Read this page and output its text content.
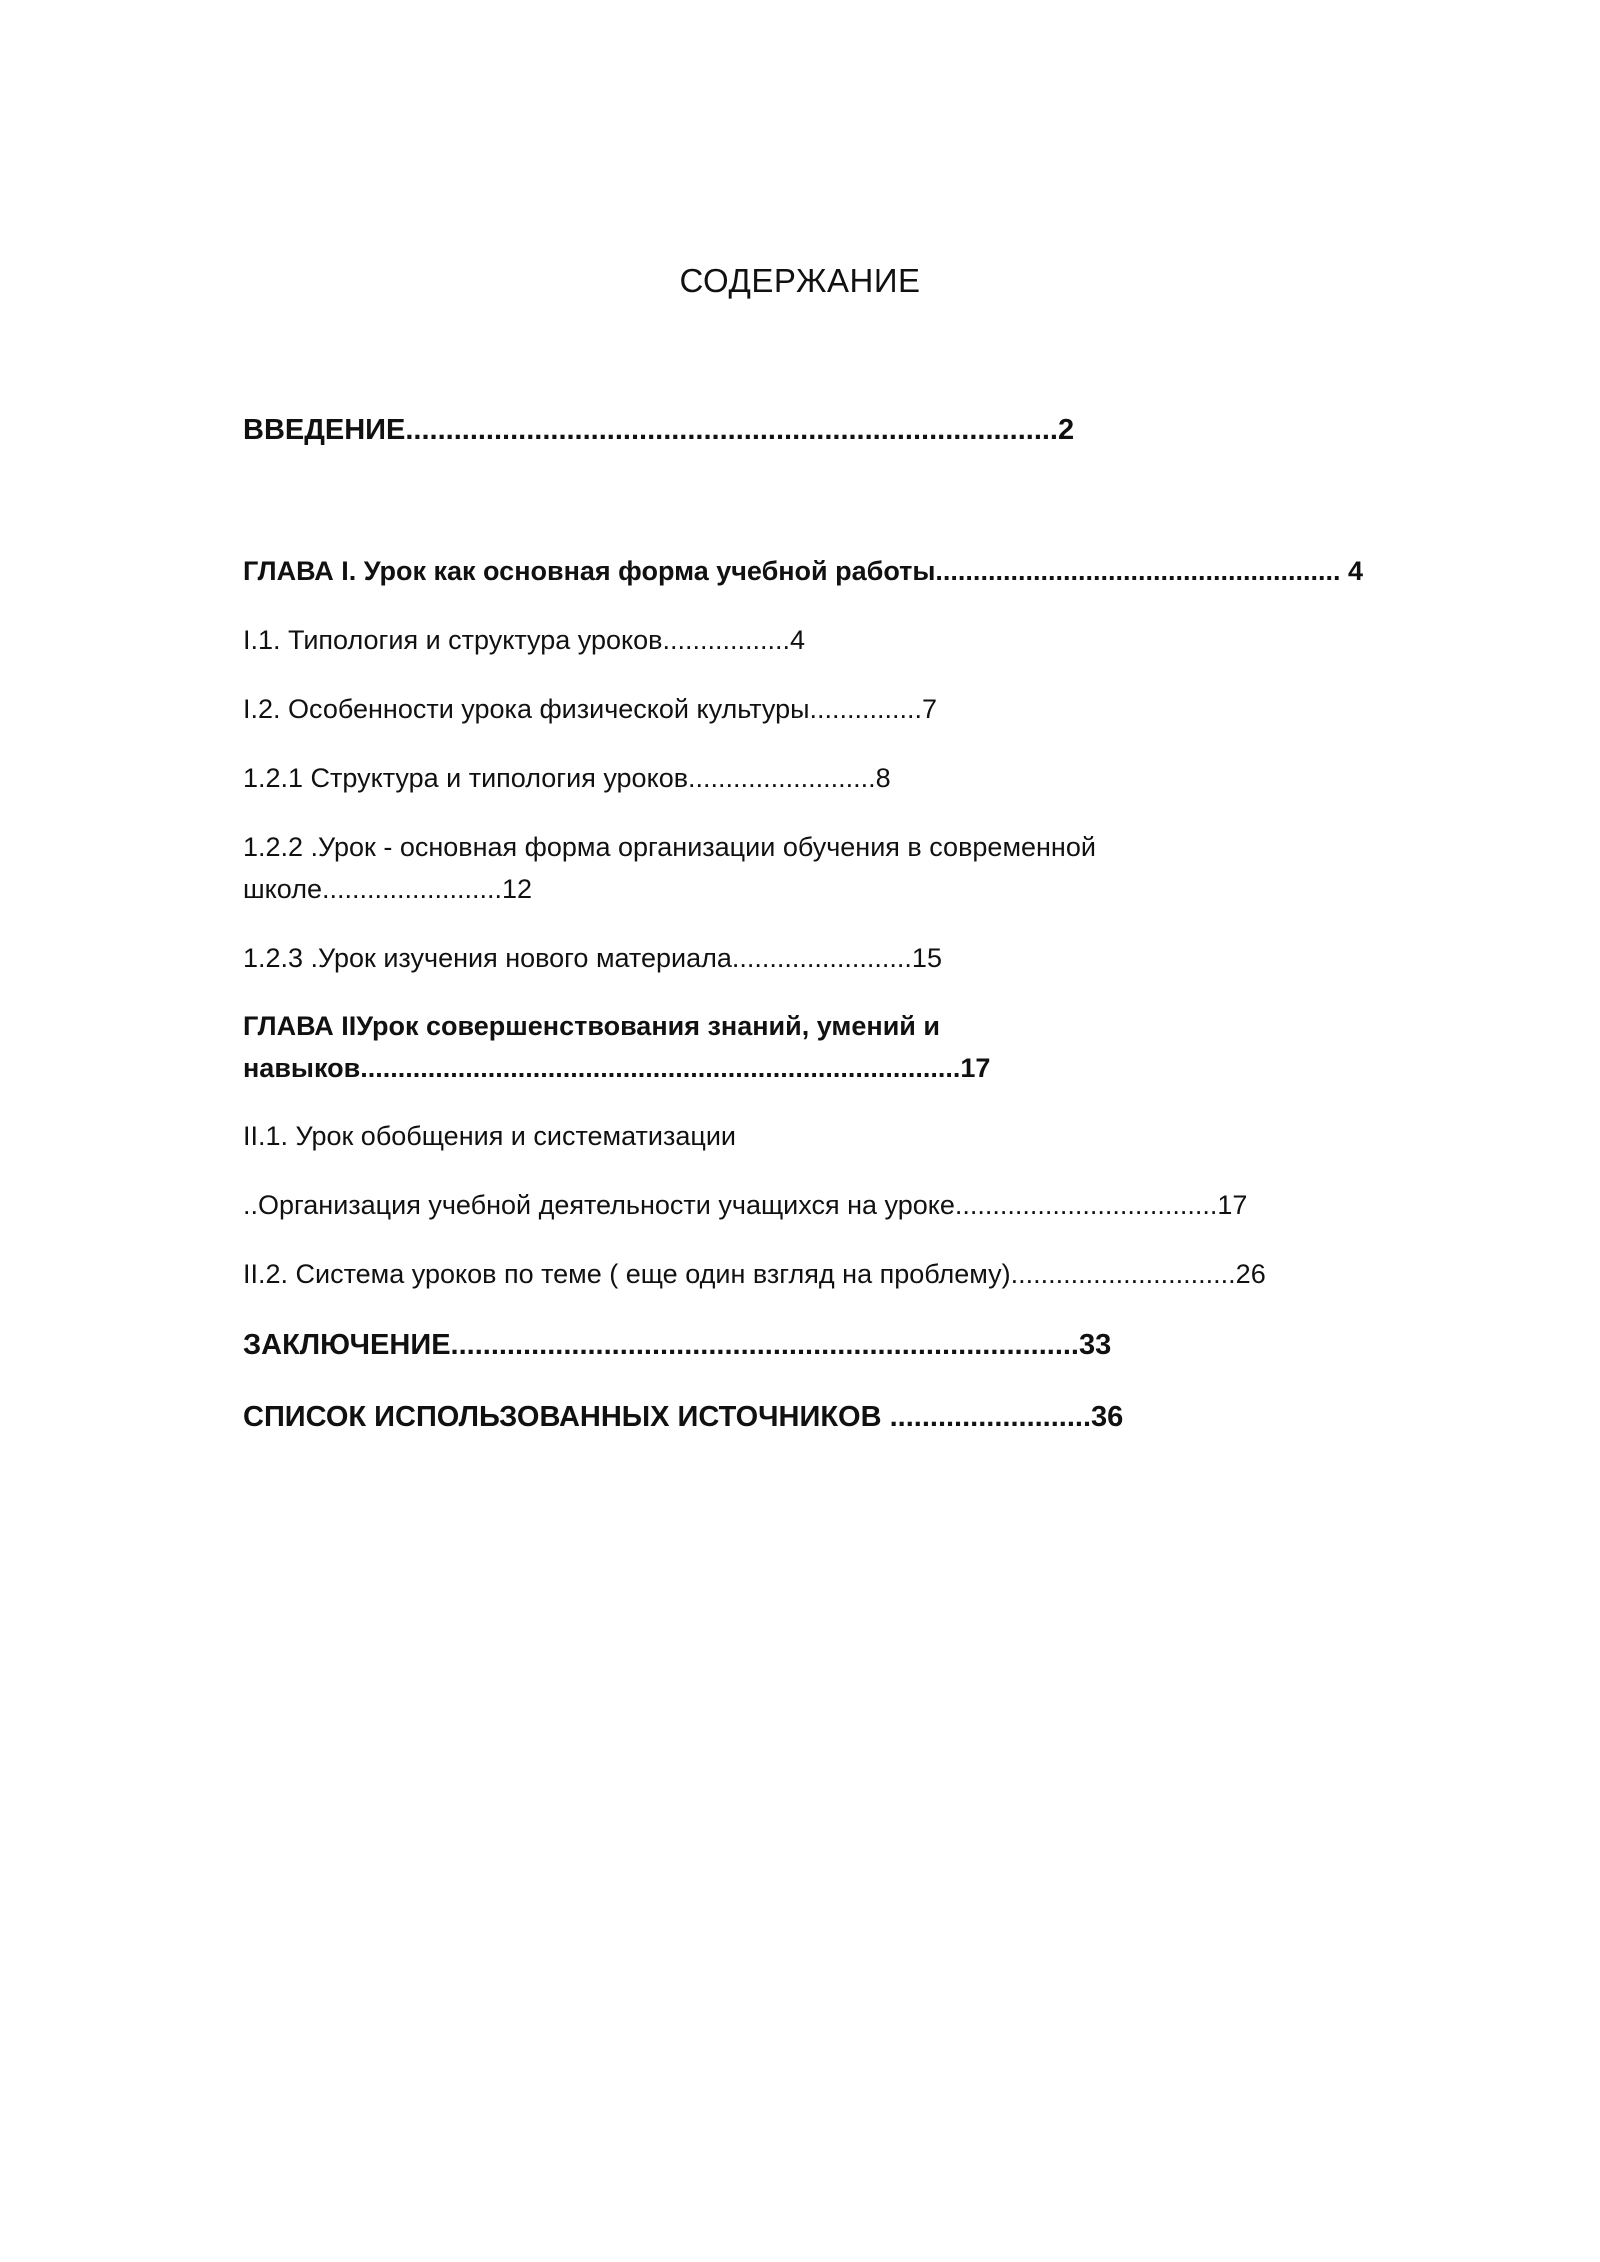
СОДЕРЖАНИЕ
ВВЕДЕНИЕ.................................................................................2
ГЛАВА I. Урок как основная форма учебной работы...................................................... 4
I.1. Типология и структура уроков.................4
I.2. Особенности урока физической культуры...............7
1.2.1 Структура и типология уроков.........................8
1.2.2 .Урок - основная форма организации обучения в современной
школе........................12
1.2.3 .Урок изучения нового материала........................15
ГЛАВА IIУрок совершенствования знаний, умений и
навыков................................................................................17
II.1. Урок обобщения и систематизации
..Организация учебной деятельности учащихся на уроке...................................17
II.2. Система уроков по теме ( еще один взгляд на проблему)..............................26
ЗАКЛЮЧЕНИЕ..............................................................................33
СПИСОК ИСПОЛЬЗОВАННЫХ ИСТОЧНИКОВ .........................36
